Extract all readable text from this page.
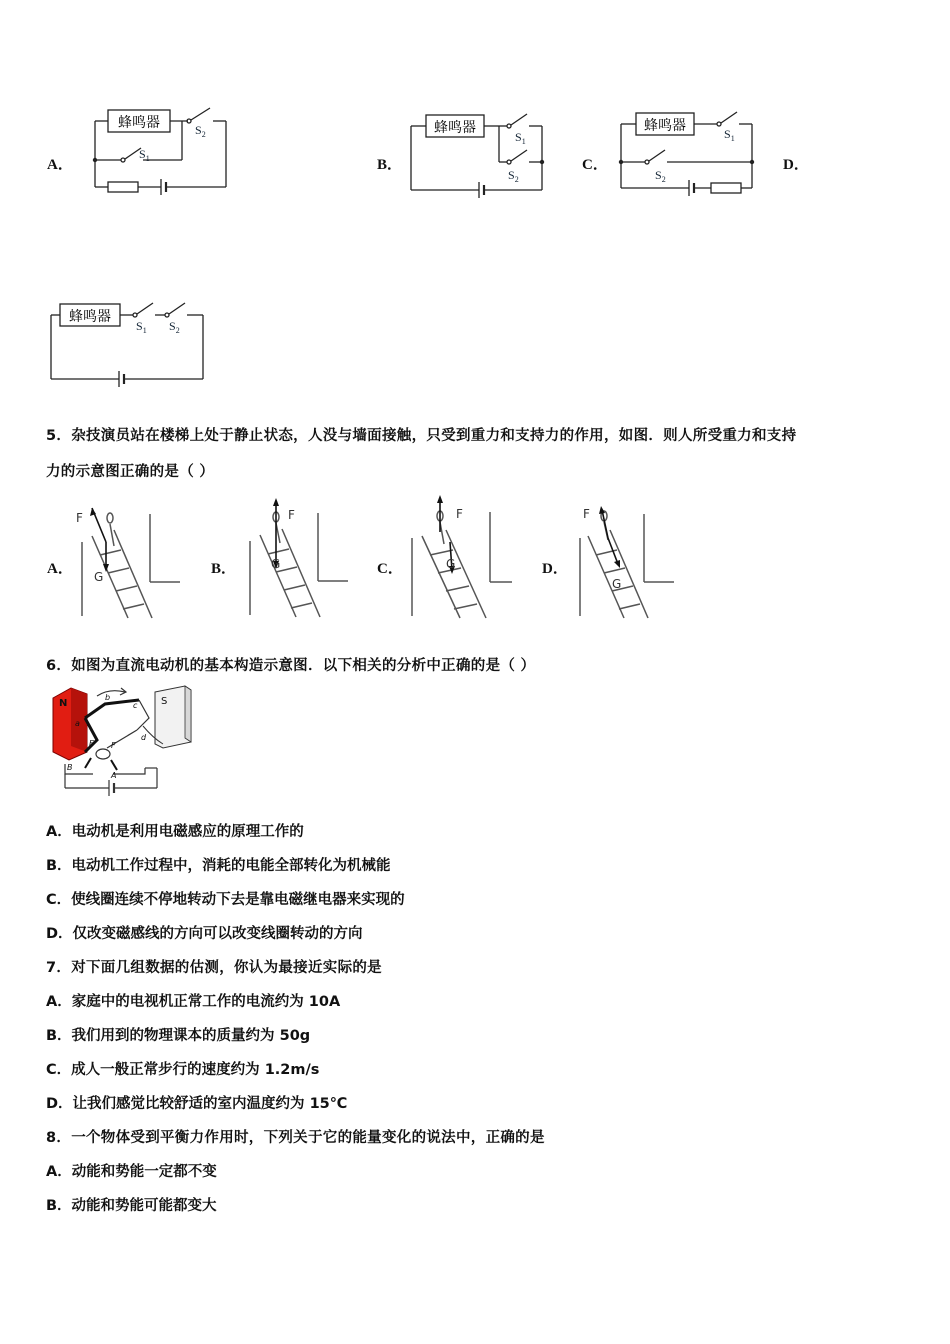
A．
蜂鸣器	$S_2$
$S_1$	B．
蜂鸣器
$S_1$
$S_2$
C．
蜂鸣器	$S_1$
$S_2$
D．
蜂鸣器
$S_1$ $S_2$
5．杂技演员站在楼梯上处于静止状态，人没与墙面接触，只受到重力和支持力的作用，如图．则人所受重力和支持
力的示意图正确的是（ ）
A．
F
G	B．
F
G	C．
F
G	D．
F
G
6．如图为直流电动机的基本构造示意图．以下相关的分析中正确的是（ ）
N	S
b
a
c
d
E F
B
A
A．电动机是利用电磁感应的原理工作的
B．电动机工作过程中，消耗的电能全部转化为机械能
C．使线圈连续不停地转动下去是靠电磁继电器来实现的
D．仅改变磁感线的方向可以改变线圈转动的方向
7．对下面几组数据的估测，你认为最接近实际的是
A．家庭中的电视机正常工作的电流约为 10A
B．我们用到的物理课本的质量约为 50g
C．成人一般正常步行的速度约为 1.2m/s
D．让我们感觉比较舒适的室内温度约为 15℃
8．一个物体受到平衡力作用时，下列关于它的能量变化的说法中，正确的是
A．动能和势能一定都不变
B．动能和势能可能都变大
